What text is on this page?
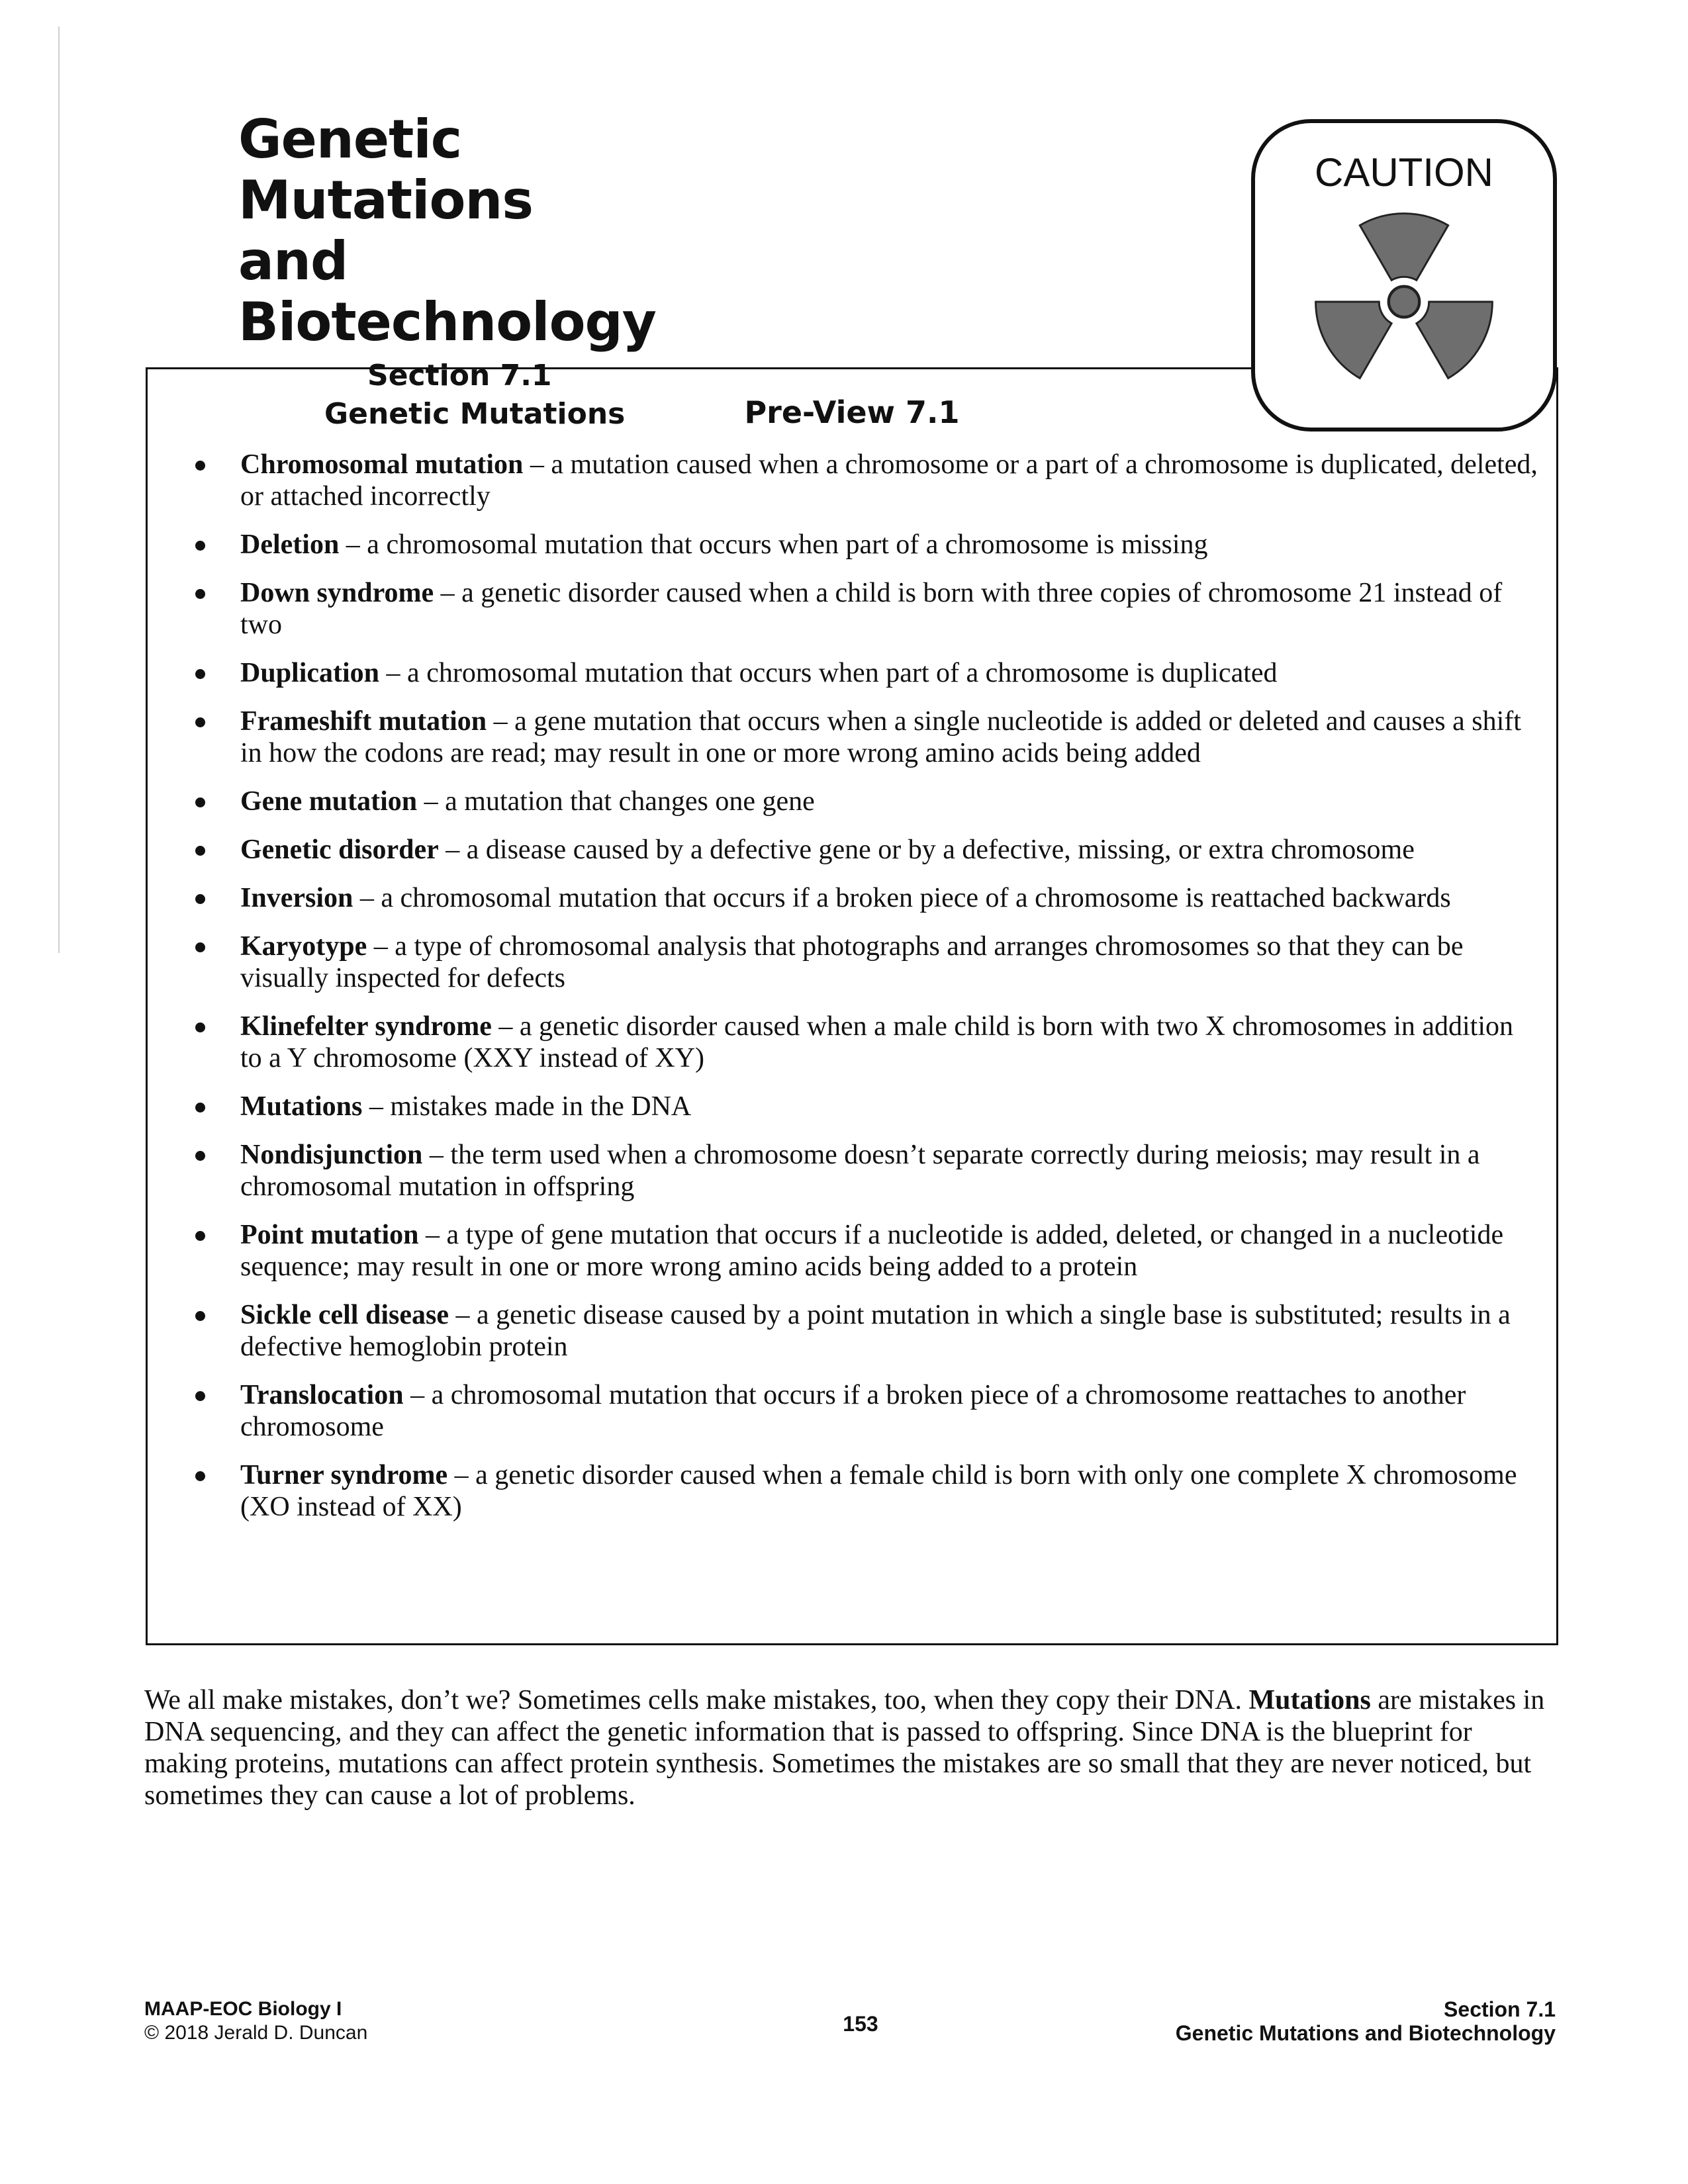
Genetic Mutations
and Biotechnology
Section 7.1
Genetic Mutations	Pre-View 7.1
Chromosomal mutation – a mutation caused when a chromosome or a part of a chromosome is duplicated, deleted, or attached incorrectly
Deletion – a chromosomal mutation that occurs when part of a chromosome is missing
Down syndrome – a genetic disorder caused when a child is born with three copies of chromosome 21 instead of two
Duplication – a chromosomal mutation that occurs when part of a chromosome is duplicated
Frameshift mutation – a gene mutation that occurs when a single nucleotide is added or deleted and causes a shift in how the codons are read; may result in one or more wrong amino acids being added
Gene mutation – a mutation that changes one gene
Genetic disorder – a disease caused by a defective gene or by a defective, missing, or extra chromosome
Inversion – a chromosomal mutation that occurs if a broken piece of a chromosome is reattached backwards
Karyotype – a type of chromosomal analysis that photographs and arranges chromosomes so that they can be visually inspected for defects
Klinefelter syndrome – a genetic disorder caused when a male child is born with two X chromosomes in addition to a Y chromosome (XXY instead of XY)
Mutations – mistakes made in the DNA
Nondisjunction – the term used when a chromosome doesn’t separate correctly during meiosis; may result in a chromosomal mutation in offspring
Point mutation – a type of gene mutation that occurs if a nucleotide is added, deleted, or changed in a nucleotide sequence; may result in one or more wrong amino acids being added to a protein
Sickle cell disease – a genetic disease caused by a point mutation in which a single base is substituted; results in a defective hemoglobin protein
Translocation – a chromosomal mutation that occurs if a broken piece of a chromosome reattaches to another chromosome
Turner syndrome – a genetic disorder caused when a female child is born with only one complete X chromosome (XO instead of XX)
CAUTION

We all make mistakes, don’t we? Sometimes cells make mistakes, too, when they copy their DNA. Mutations are mistakes in DNA sequencing, and they can affect the genetic information that is passed to offspring. Since DNA is the blueprint for making proteins, mutations can affect protein synthesis. Sometimes the mistakes are so small that they are never noticed, but sometimes they can cause a lot of problems.

MAAP-EOC Biology I
© 2018 Jerald D. Duncan	153
Section 7.1
Genetic Mutations and Biotechnology
